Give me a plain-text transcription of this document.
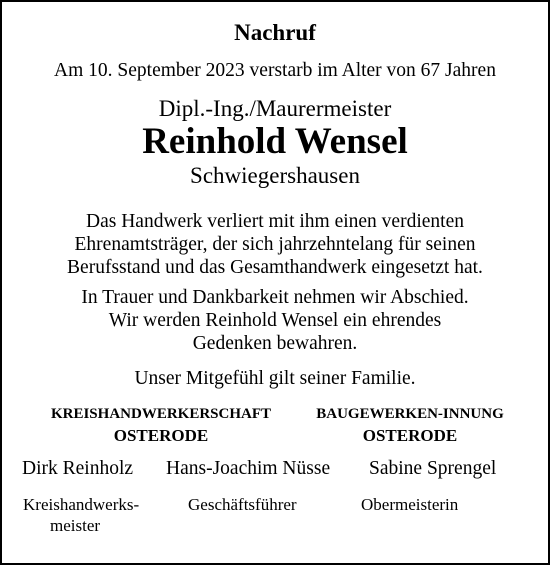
Nachruf
Am 10. September 2023 verstarb im Alter von 67 Jahren
Dipl.-Ing./Maurermeister
Reinhold Wensel
Schwiegershausen
Das Handwerk verliert mit ihm einen verdienten
Ehrenamtsträger, der sich jahrzehntelang für seinen
Berufsstand und das Gesamthandwerk eingesetzt hat.
In Trauer und Dankbarkeit nehmen wir Abschied.
Wir werden Reinhold Wensel ein ehrendes
Gedenken bewahren.
Unser Mitgefühl gilt seiner Familie.
KREISHANDWERKERSCHAFT
OSTERODE
BAUGEWERKEN-INNUNG
OSTERODE
Dirk Reinholz Hans-Joachim Nüsse Sabine Sprengel
Kreishandwerks-
meister
Geschäftsführer	Obermeisterin
